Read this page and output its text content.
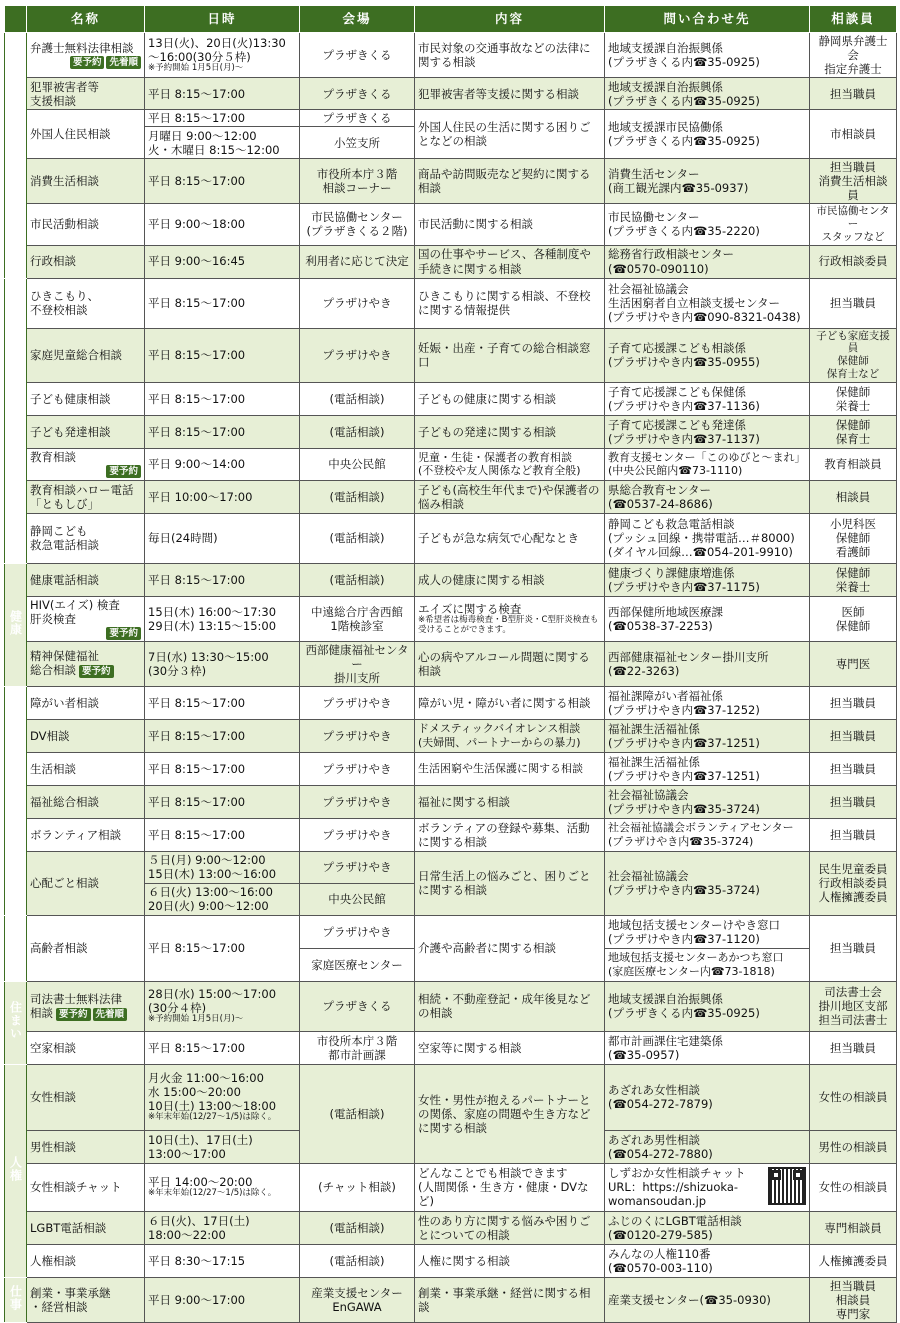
	名称	日時	会場	内容	問い合わせ先	相談員
くらし	弁護士無料法律相談
要予約 先着順	13日(火)、20日(火)13:30
～16:00(30分５枠)
※予約開始 1月5日(月)～	プラザきくる	市民対象の交通事故などの法律に関する相談	地域支援課自治振興係
(プラザきくる内☎35-0925)	静岡県弁護士会
指定弁護士
	犯罪被害者等
支援相談	平日 8:15～17:00	プラザきくる	犯罪被害者等支援に関する相談	地域支援課自治振興係
(プラザきくる内☎35-0925)	担当職員
	外国人住民相談	平日 8:15～17:00	プラザきくる	外国人住民の生活に関する困りごとなどの相談	地域支援課市民協働係
(プラザきくる内☎35-0925)	市相談員
		月曜日 9:00～12:00
火・木曜日 8:15～12:00	小笠支所			
	消費生活相談	平日 8:15～17:00	市役所本庁３階
相談コーナー	商品や訪問販売など契約に関する相談	消費生活センター
(商工観光課内☎35-0937)	担当職員
消費生活相談員
	市民活動相談	平日 9:00～18:00	市民協働センター
(プラザきくる２階)	市民活動に関する相談	市民協働センター
(プラザきくる内☎35-2220)	市民協働センター
スタッフなど
	行政相談	平日 9:00～16:45	利用者に応じて決定	国の仕事やサービス、各種制度や手続きに関する相談	総務省行政相談センター
(☎0570-090110)	行政相談委員

子ども・教育	ひきこもり、
不登校相談	平日 8:15～17:00	プラザけやき	ひきこもりに関する相談、不登校に関する情報提供	社会福祉協議会
生活困窮者自立相談支援センター
(プラザけやき内☎090-8321-0438)	担当職員
	家庭児童総合相談	平日 8:15～17:00	プラザけやき	妊娠・出産・子育ての総合相談窓口	子育て応援課こども相談係
(プラザけやき内☎35-0955)	子ども家庭支援員
保健師
保育士など
	子ども健康相談	平日 8:15～17:00	(電話相談)	子どもの健康に関する相談	子育て応援課こども保健係
(プラザけやき内☎37-1136)	保健師
栄養士
	子ども発達相談	平日 8:15～17:00	(電話相談)	子どもの発達に関する相談	子育て応援課こども発達係
(プラザけやき内☎37-1137)	保健師
保育士
	教育相談
要予約	平日 9:00～14:00	中央公民館	児童・生徒・保護者の教育相談
(不登校や友人関係など教育全般)	教育支援センター「このゆびと～まれ」
(中央公民館内☎73-1110)	教育相談員
	教育相談ハロー電話
「ともしび」	平日 10:00～17:00	(電話相談)	子ども(高校生年代まで)や保護者の悩み相談	県総合教育センター
(☎0537-24-8686)	相談員
	静岡こども
救急電話相談	毎日(24時間)	(電話相談)	子どもが急な病気で心配なとき	静岡こども救急電話相談
(プッシュ回線・携帯電話…＃8000)
(ダイヤル回線…☎054-201-9910)	小児科医
保健師
看護師

健康	健康電話相談	平日 8:15～17:00	(電話相談)	成人の健康に関する相談	健康づくり課健康増進係
(プラザけやき内☎37-1175)	保健師
栄養士
	HIV(エイズ) 検査
肝炎検査
要予約	15日(木) 16:00～17:30
29日(木) 13:15～15:00	中遠総合庁舎西館
1階検診室	エイズに関する検査
※希望者は梅毒検査・B型肝炎・C型肝炎検査も受けることができます。	西部保健所地域医療課
(☎0538-37-2253)	医師
保健師
	精神保健福祉
総合相談 要予約	7日(水) 13:30～15:00
(30分３枠)	西部健康福祉センター
掛川支所	心の病やアルコール問題に関する相談	西部健康福祉センター掛川支所
(☎22-3263)	専門医
福祉	障がい者相談	平日 8:15～17:00	プラザけやき	障がい児・障がい者に関する相談	福祉課障がい者福祉係
(プラザけやき内☎37-1252)	担当職員
	DV相談	平日 8:15～17:00	プラザけやき	ドメスティックバイオレンス相談
(夫婦間、パートナーからの暴力)	福祉課生活福祉係
(プラザけやき内☎37-1251)	担当職員
	生活相談	平日 8:15～17:00	プラザけやき	生活困窮や生活保護に関する相談	福祉課生活福祉係
(プラザけやき内☎37-1251)	担当職員
	福祉総合相談	平日 8:15～17:00	プラザけやき	福祉に関する相談	社会福祉協議会
(プラザけやき内☎35-3724)	担当職員
	ボランティア相談	平日 8:15～17:00	プラザけやき	ボランティアの登録や募集、活動に関する相談	社会福祉協議会ボランティアセンター
(プラザけやき内☎35-3724)	担当職員
	心配ごと相談	５日(月) 9:00～12:00
15日(木) 13:00～16:00	プラザけやき	日常生活上の悩みごと、困りごとに関する相談	社会福祉協議会
(プラザけやき内☎35-3724)	民生児童委員
行政相談委員
人権擁護委員
		６日(火) 13:00～16:00
20日(火) 9:00～12:00	中央公民館			
高齢者	高齢者相談	平日 8:15～17:00	プラザけやき	介護や高齢者に関する相談	地域包括支援センターけやき窓口
(プラザけやき内☎37-1120)	担当職員
			家庭医療センター		地域包括支援センターあかつち窓口
(家庭医療センター内☎73-1818)	
住まい	司法書士無料法律
相談 要予約 先着順	28日(水) 15:00～17:00
(30分４枠)
※予約開始 1月5日(月)～	プラザきくる	相続・不動産登記・成年後見などの相談	地域支援課自治振興係
(プラザきくる内☎35-0925)	司法書士会
掛川地区支部
担当司法書士
	空家相談	平日 8:15～17:00	市役所本庁３階
都市計画課	空家等に関する相談	都市計画課住宅建築係
(☎35-0957)	担当職員
人権	女性相談	月火金 11:00～16:00
水 15:00～20:00
10日(土) 13:00～18:00
※年末年始(12/27～1/5)は除く。	(電話相談)	女性・男性が抱えるパートナーとの関係、家庭の問題や生き方などに関する相談	あざれあ女性相談
(☎054-272-7879)	女性の相談員
	男性相談	10日(土)、17日(土)
13:00～17:00			あざれあ男性相談
(☎054-272-7880)	男性の相談員
	女性相談チャット	平日 14:00～20:00
※年末年始(12/27～1/5)は除く。	(チャット相談)	どんなことでも相談できます
(人間関係・生き方・健康・DVなど)	しずおか女性相談チャット
URL：https://shizuoka-
womansoudan.jp	女性の相談員
	LGBT電話相談	６日(火)、17日(土)
18:00～22:00	(電話相談)	性のあり方に関する悩みや困りごとについての相談	ふじのくにLGBT電話相談
(☎0120-279-585)	専門相談員
	人権相談	平日 8:30～17:15	(電話相談)	人権に関する相談	みんなの人権110番
(☎0570-003-110)	人権擁護委員

仕事	創業・事業承継
・経営相談	平日 9:00～17:00	産業支援センター
EnGAWA	創業・事業承継・経営に関する相談	産業支援センター(☎35-0930)	担当職員
相談員
専門家
